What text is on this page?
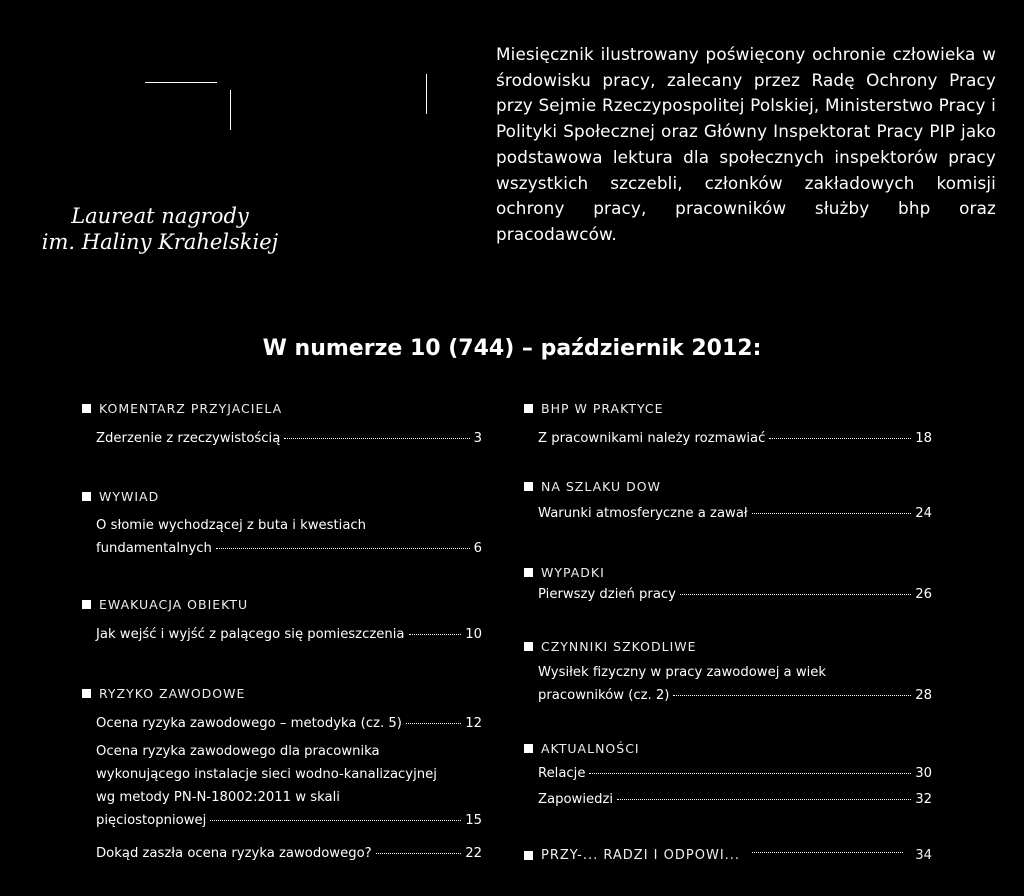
Laureat nagrody
im. Haliny Krahelskiej
Miesięcznik ilustrowany poświęcony ochronie człowieka w środowisku pracy, zalecany przez Radę Ochrony Pracy przy Sejmie Rzeczypospolitej Polskiej, Ministerstwo Pracy i Polityki Społecznej oraz Główny Inspektorat Pracy PIP jako podstawowa lektura dla społecznych inspektorów pracy wszystkich szczebli, członków zakładowych komisji ochrony pracy, pracowników służby bhp oraz pracodawców.
W numerze 10 (744) – październik 2012:
KOMENTARZ PRZYJACIELA
Zderzenie z rzeczywistością	3
WYWIAD
O słomie wychodzącej z buta i kwestiach
fundamentalnych	6
EWAKUACJA OBIEKTU
Jak wejść i wyjść z palącego się pomieszczenia	10
RYZYKO ZAWODOWE
Ocena ryzyka zawodowego – metodyka (cz. 5)	12
Ocena ryzyka zawodowego dla pracownika
wykonującego instalacje sieci wodno-kanalizacyjnej
wg metody PN-N-18002:2011 w skali
pięciostopniowej	15
Dokąd zaszła ocena ryzyka zawodowego?	22
BHP W PRAKTYCE
Z pracownikami należy rozmawiać	18
NA SZLAKU DOW
Warunki atmosferyczne a zawał	24
WYPADKI
Pierwszy dzień pracy	26
CZYNNIKI SZKODLIWE
Wysiłek fizyczny w pracy zawodowej a wiek
pracowników (cz. 2)	28
AKTUALNOŚCI
Relacje	30
Zapowiedzi	32
PRZY-... RADZI I ODPOWI...	34
